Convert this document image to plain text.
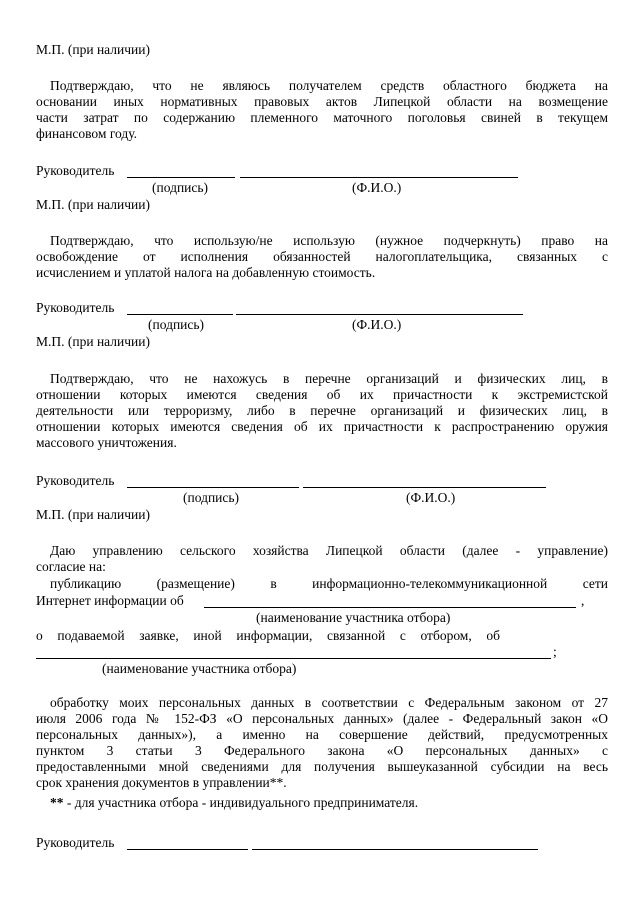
М.П. (при наличии)
Подтверждаю, что не являюсь получателем средств областного бюджета на
основании иных нормативных правовых актов Липецкой области на возмещение
части затрат по содержанию племенного маточного поголовья свиней в текущем
финансовом году.
Руководитель
(подпись)	(Ф.И.О.)
М.П. (при наличии)
Подтверждаю, что использую/не использую (нужное подчеркнуть) право на
освобождение от исполнения обязанностей налогоплательщика, связанных с
исчислением и уплатой налога на добавленную стоимость.
Руководитель
(подпись)	(Ф.И.О.)
М.П. (при наличии)
Подтверждаю, что не нахожусь в перечне организаций и физических лиц, в
отношении которых имеются сведения об их причастности к экстремистской
деятельности или терроризму, либо в перечне организаций и физических лиц, в
отношении которых имеются сведения об их причастности к распространению оружия
массового уничтожения.
Руководитель
(подпись)	(Ф.И.О.)
М.П. (при наличии)
Даю управлению сельского хозяйства Липецкой области (далее - управление)
согласие на:
публикацию (размещение) в информационно-телекоммуникационной сети
Интернет информации об	,
(наименование участника отбора)
о подаваемой заявке, иной информации, связанной с отбором, об
;
(наименование участника отбора)
обработку моих персональных данных в соответствии с Федеральным законом от 27
июля 2006 года № 152-ФЗ «О персональных данных» (далее - Федеральный закон «О
персональных данных»), а именно на совершение действий, предусмотренных
пунктом 3 статьи 3 Федерального закона «О персональных данных» с
предоставленными мной сведениями для получения вышеуказанной субсидии на весь
срок хранения документов в управлении**.
** - для участника отбора - индивидуального предпринимателя.
Руководитель
